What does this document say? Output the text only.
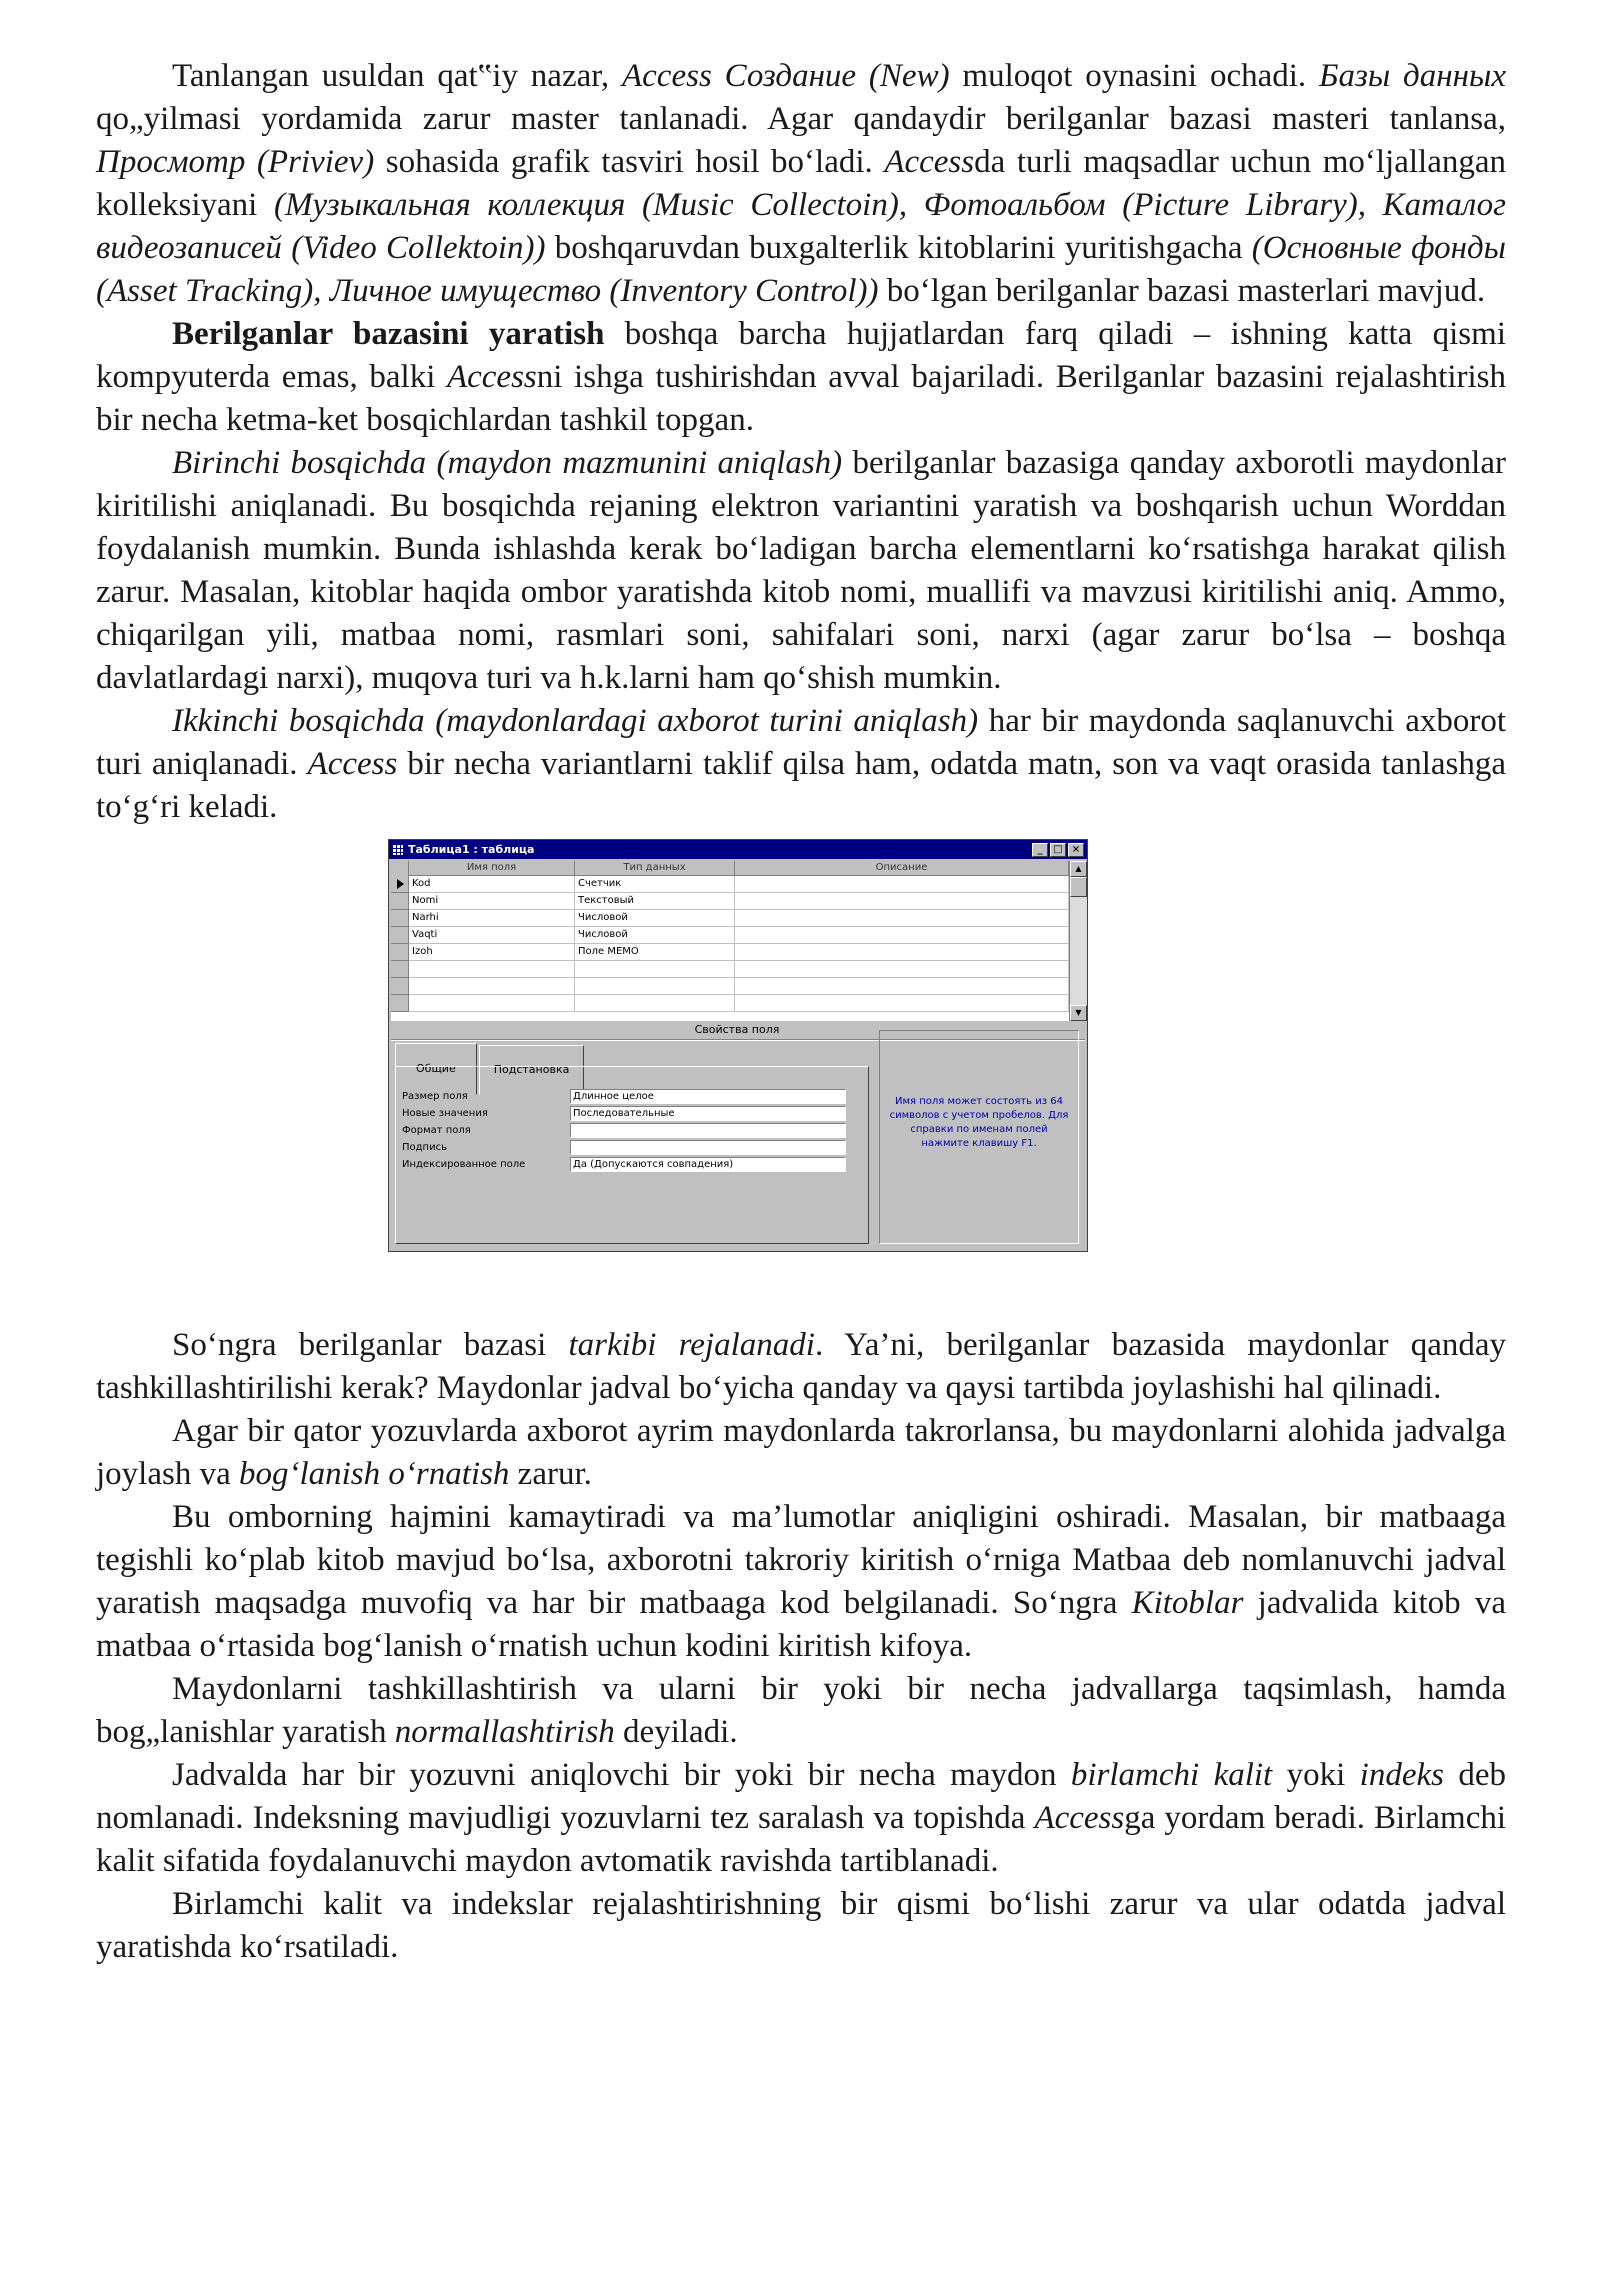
Tanlangan usuldan qat‟iy nazar, Access Создание (New) muloqot oynasini ochadi. Базы данных qo„yilmasi yordamida zarur master tanlanadi. Agar qandaydir berilganlar bazasi masteri tanlansa, Просмотр (Priviev) sohasida grafik tasviri hosil bo‘ladi. Accessda turli maqsadlar uchun mo‘ljallangan kolleksiyani (Музыкальная коллекция (Music Collectoin), Фотоальбом (Picture Library), Каталог видеозаписей (Video Collektoin)) boshqaruvdan buxgalterlik kitoblarini yuritishgacha (Основные фонды (Asset Tracking), Личное имущество (Inventory Control)) bo‘lgan berilganlar bazasi masterlari mavjud.

Berilganlar bazasini yaratish boshqa barcha hujjatlardan farq qiladi – ishning katta qismi kompyuterda emas, balki Accessni ishga tushirishdan avval bajariladi. Berilganlar bazasini rejalashtirish bir necha ketma-ket bosqichlardan tashkil topgan.

Birinchi bosqichda (maydon mazmunini aniqlash) berilganlar bazasiga qanday axborotli maydonlar kiritilishi aniqlanadi. Bu bosqichda rejaning elektron variantini yaratish va boshqarish uchun Worddan foydalanish mumkin. Bunda ishlashda kerak bo‘ladigan barcha elementlarni ko‘rsatishga harakat qilish zarur. Masalan, kitoblar haqida ombor yaratishda kitob nomi, muallifi va mavzusi kiritilishi aniq. Ammo, chiqarilgan yili, matbaa nomi, rasmlari soni, sahifalari soni, narxi (agar zarur bo‘lsa – boshqa davlatlardagi narxi), muqova turi va h.k.larni ham qo‘shish mumkin.

Ikkinchi bosqichda (maydonlardagi axborot turini aniqlash) har bir maydonda saqlanuvchi axborot turi aniqlanadi. Access bir necha variantlarni taklif qilsa ham, odatda matn, son va vaqt orasida tanlashga to‘g‘ri keladi.

Таблица1 : таблица	_	□ ×
Имя поля	Тип данных	Описание
Kod	Счетчик
Nomi	Текстовый
Narhi	Числовой
Vaqti	Числовой
Izoh	Поле MEMO
▲
▼
Свойства поля
Общие	Подстановка
Размер поля	Длинное целое
Новые значения	Последовательные
Формат поля
Подпись
Индексированное поле	Да (Допускаются совпадения)
Имя поля может состоять из 64 символов с учетом пробелов. Для справки по именам полей нажмите клавишу F1.

So‘ngra berilganlar bazasi tarkibi rejalanadi. Ya’ni, berilganlar bazasida maydonlar qanday tashkillashtirilishi kerak? Maydonlar jadval bo‘yicha qanday va qaysi tartibda joylashishi hal qilinadi.

Agar bir qator yozuvlarda axborot ayrim maydonlarda takrorlansa, bu maydonlarni alohida jadvalga joylash va bog‘lanish o‘rnatish zarur.

Bu omborning hajmini kamaytiradi va ma’lumotlar aniqligini oshiradi. Masalan, bir matbaaga tegishli ko‘plab kitob mavjud bo‘lsa, axborotni takroriy kiritish o‘rniga Matbaa deb nomlanuvchi jadval yaratish maqsadga muvofiq va har bir matbaaga kod belgilanadi. So‘ngra Kitoblar jadvalida kitob va matbaa o‘rtasida bog‘lanish o‘rnatish uchun kodini kiritish kifoya.

Maydonlarni tashkillashtirish va ularni bir yoki bir necha jadvallarga taqsimlash, hamda bog„lanishlar yaratish normallashtirish deyiladi.

Jadvalda har bir yozuvni aniqlovchi bir yoki bir necha maydon birlamchi kalit yoki indeks deb nomlanadi. Indeksning mavjudligi yozuvlarni tez saralash va topishda Accessga yordam beradi. Birlamchi kalit sifatida foydalanuvchi maydon avtomatik ravishda tartiblanadi.

Birlamchi kalit va indekslar rejalashtirishning bir qismi bo‘lishi zarur va ular odatda jadval yaratishda ko‘rsatiladi.
